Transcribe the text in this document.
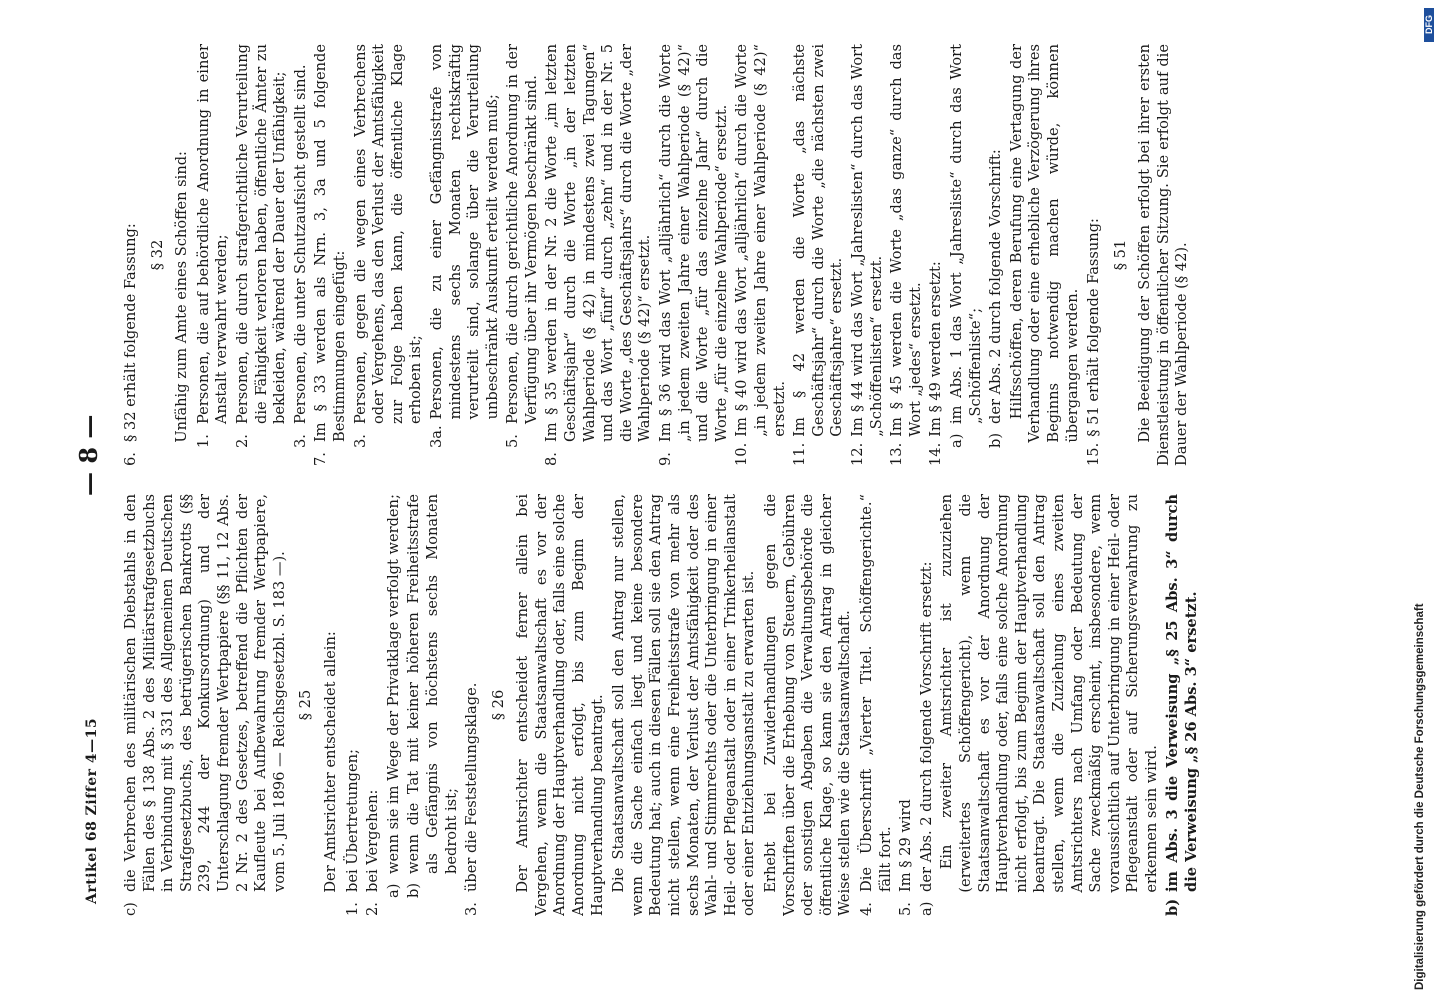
Artikel 68 Ziffer 4—15
— 8 —
c)
die Verbrechen des militärischen Diebstahls in den Fällen des § 138 Abs. 2 des Militärstrafgesetzbuchs in Verbindung mit § 331 des Allgemeinen Deutschen Strafgesetzbuchs, des betrügerischen Bankrotts (§§ 239, 244 der Konkursordnung) und der Unterschlagung fremder Wertpapiere (§§ 11, 12 Abs. 2 Nr. 2 des Gesetzes, betreffend die Pflichten der Kaufleute bei Aufbewahrung fremder Wertpapiere, vom 5. Juli 1896 — Reichsgesetzbl. S. 183 —). § 25 Der Amtsrichter entscheidet allein:

1.
bei Übertretungen;
2.
bei Vergehen: a)
wenn sie im Wege der Privatklage verfolgt werden;
b)
wenn die Tat mit keiner höheren Freiheitsstrafe als Gefängnis von höchstens sechs Monaten bedroht ist;
3.
über die Feststellungsklage. § 26 Der Amtsrichter entscheidet ferner allein bei Vergehen, wenn die Staatsanwaltschaft es vor der Anordnung der Hauptverhandlung oder, falls eine solche Anordnung nicht erfolgt, bis zum Beginn der Hauptverhandlung beantragt. Die Staatsanwaltschaft soll den Antrag nur stellen, wenn die Sache einfach liegt und keine besondere Bedeutung hat; auch in diesen Fällen soll sie den Antrag nicht stellen, wenn eine Freiheitsstrafe von mehr als sechs Monaten, der Verlust der Amtsfähigkeit oder des Wahl- und Stimmrechts oder die Unterbringung in einer Heil- oder Pflegeanstalt oder in einer Trinkerheilanstalt oder einer Entziehungsanstalt zu erwarten ist. Erhebt bei Zuwiderhandlungen gegen die Vorschriften über die Erhebung von Steuern, Gebühren oder sonstigen Abgaben die Verwaltungsbehörde die öffentliche Klage, so kann sie den Antrag in gleicher Weise stellen wie die Staatsanwaltschaft. 4.
Die Überschrift „Vierter Titel. Schöffengerichte.“ fällt fort.
5.
Im § 29 wird
a)
der Abs. 2 durch folgende Vorschrift ersetzt: Ein zweiter Amtsrichter ist zuzuziehen (erweitertes Schöffengericht), wenn die Staatsanwaltschaft es vor der Anordnung der Hauptverhandlung oder, falls eine solche Anordnung nicht erfolgt, bis zum Beginn der Hauptverhandlung beantragt. Die Staatsanwaltschaft soll den Antrag stellen, wenn die Zuziehung eines zweiten Amtsrichters nach Umfang oder Bedeutung der Sache zweckmäßig erscheint, insbesondere, wenn voraussichtlich auf Unterbringung in einer Heil- oder Pflegeanstalt oder auf Sicherungsverwahrung zu erkennen sein wird.

b)
im Abs. 3 die Verweisung „§ 25 Abs. 3“ durch die Verweisung „§ 26 Abs. 3“ ersetzt.
6.
§ 32 erhält folgende Fassung: § 32 Unfähig zum Amte eines Schöffen sind: 1.
Personen, die auf behördliche Anordnung in einer Anstalt verwahrt werden;
2.
Personen, die durch strafgerichtliche Verurteilung die Fähigkeit verloren haben, öffentliche Ämter zu bekleiden, während der Dauer der Unfähigkeit;
3.
Personen, die unter Schutzaufsicht gestellt sind.
7.
Im § 33 werden als Nrn. 3, 3a und 5 folgende Bestimmungen eingefügt: 3.
Personen, gegen die wegen eines Verbrechens oder Vergehens, das den Verlust der Amtsfähigkeit zur Folge haben kann, die öffentliche Klage erhoben ist;
3a.
Personen, die zu einer Gefängnisstrafe von mindestens sechs Monaten rechtskräftig verurteilt sind, solange über die Verurteilung unbeschränkt Auskunft erteilt werden muß;
5.
Personen, die durch gerichtliche Anordnung in der Verfügung über ihr Vermögen beschränkt sind.
8.
Im § 35 werden in der Nr. 2 die Worte „im letzten Geschäftsjahr“ durch die Worte „in der letzten Wahlperiode (§ 42) in mindestens zwei Tagungen“ und das Wort „fünf“ durch „zehn“ und in der Nr. 5 die Worte „des Geschäftsjahrs“ durch die Worte „der Wahlperiode (§ 42)“ ersetzt.
9.
Im § 36 wird das Wort „alljährlich“ durch die Worte „in jedem zweiten Jahre einer Wahlperiode (§ 42)“ und die Worte „für das einzelne Jahr“ durch die Worte „für die einzelne Wahlperiode“ ersetzt.
10.
Im § 40 wird das Wort „alljährlich“ durch die Worte „in jedem zweiten Jahre einer Wahlperiode (§ 42)“ ersetzt.
11.
Im § 42 werden die Worte „das nächste Geschäftsjahr“ durch die Worte „die nächsten zwei Geschäftsjahre“ ersetzt.
12.
Im § 44 wird das Wort „Jahreslisten“ durch das Wort „Schöffenlisten“ ersetzt.
13.
Im § 45 werden die Worte „das ganze“ durch das Wort „jedes“ ersetzt.
14.
Im § 49 werden ersetzt:
a)
im Abs. 1 das Wort „Jahresliste“ durch das Wort „Schöffenliste“;
b)
der Abs. 2 durch folgende Vorschrift: Hilfsschöffen, deren Berufung eine Vertagung der Verhandlung oder eine erhebliche Verzögerung ihres Beginns notwendig machen würde, können übergangen werden.

15.
§ 51 erhält folgende Fassung: § 51 Die Beeidigung der Schöffen erfolgt bei ihrer ersten Dienstleistung in öffentlicher Sitzung. Sie erfolgt auf die Dauer der Wahlperiode (§ 42).

DFG
Digitalisierung gefördert durch die Deutsche Forschungsgemeinschaft
